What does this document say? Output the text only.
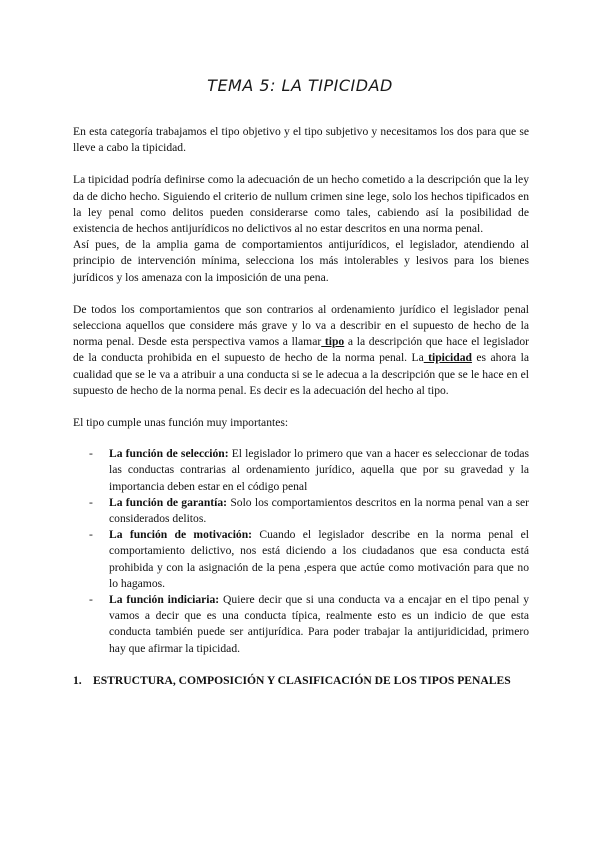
TEMA 5: LA TIPICIDAD

En esta categoría trabajamos el tipo objetivo y el tipo subjetivo y necesitamos los dos para que se lleve a cabo la tipicidad.

La tipicidad podría definirse como la adecuación de un hecho cometido a la descripción que la ley da de dicho hecho. Siguiendo el criterio de nullum crimen sine lege, solo los hechos tipificados en la ley penal como delitos pueden considerarse como tales, cabiendo así la posibilidad de existencia de hechos antijurídicos no delictivos al no estar descritos en una norma penal.

Así pues, de la amplia gama de comportamientos antijurídicos, el legislador, atendiendo al principio de intervención mínima, selecciona los más intolerables y lesivos para los bienes jurídicos y los amenaza con la imposición de una pena.

De todos los comportamientos que son contrarios al ordenamiento jurídico el legislador penal selecciona aquellos que considere más grave y lo va a describir en el supuesto de hecho de la norma penal. Desde esta perspectiva vamos a llamar tipo a la descripción que hace el legislador de la conducta prohibida en el supuesto de hecho de la norma penal. La tipicidad es ahora la cualidad que se le va a atribuir a una conducta si se le adecua a la descripción que se le hace en el supuesto de hecho de la norma penal. Es decir es la adecuación del hecho al tipo.

El tipo cumple unas función muy importantes:

- La función de selección: El legislador lo primero que van a hacer es seleccionar de todas las conductas contrarias al ordenamiento jurídico, aquella que por su gravedad y la importancia deben estar en el código penal
- La función de garantía: Solo los comportamientos descritos en la norma penal van a ser considerados delitos.
- La función de motivación: Cuando el legislador describe en la norma penal el comportamiento delictivo, nos está diciendo a los ciudadanos que esa conducta está prohibida y con la asignación de la pena ,espera que actúe como motivación para que no lo hagamos.
- La función indiciaria: Quiere decir que si una conducta va a encajar en el tipo penal y vamos a decir que es una conducta típica, realmente esto es un indicio de que esta conducta también puede ser antijurídica. Para poder trabajar la antijuridicidad, primero hay que afirmar la tipicidad.
1. ESTRUCTURA, COMPOSICIÓN Y CLASIFICACIÓN DE LOS TIPOS PENALES
